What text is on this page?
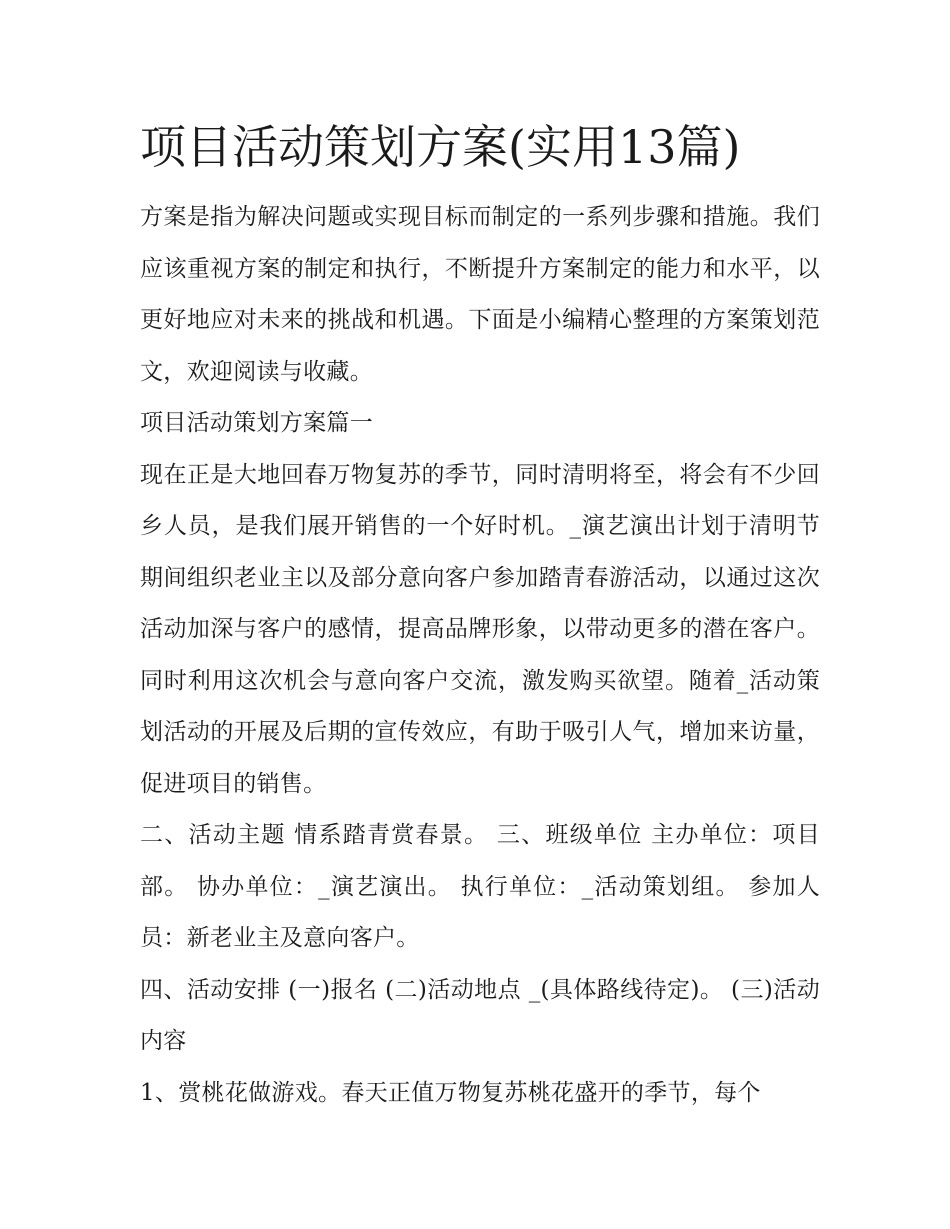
项目活动策划方案(实用13篇)

方案是指为解决问题或实现目标而制定的一系列步骤和措施。我们应该重视方案的制定和执行，不断提升方案制定的能力和水平，以更好地应对未来的挑战和机遇。下面是小编精心整理的方案策划范文，欢迎阅读与收藏。

项目活动策划方案篇一

现在正是大地回春万物复苏的季节，同时清明将至，将会有不少回乡人员，是我们展开销售的一个好时机。_演艺演出计划于清明节期间组织老业主以及部分意向客户参加踏青春游活动，以通过这次活动加深与客户的感情，提高品牌形象，以带动更多的潜在客户。同时利用这次机会与意向客户交流，激发购买欲望。随着_活动策划活动的开展及后期的宣传效应，有助于吸引人气，增加来访量，促进项目的销售。

二、活动主题 情系踏青赏春景。 三、班级单位 主办单位：项目部。 协办单位：_演艺演出。 执行单位：_活动策划组。 参加人员：新老业主及意向客户。

四、活动安排 (一)报名 (二)活动地点 _(具体路线待定)。 (三)活动内容

1、赏桃花做游戏。春天正值万物复苏桃花盛开的季节，每个
